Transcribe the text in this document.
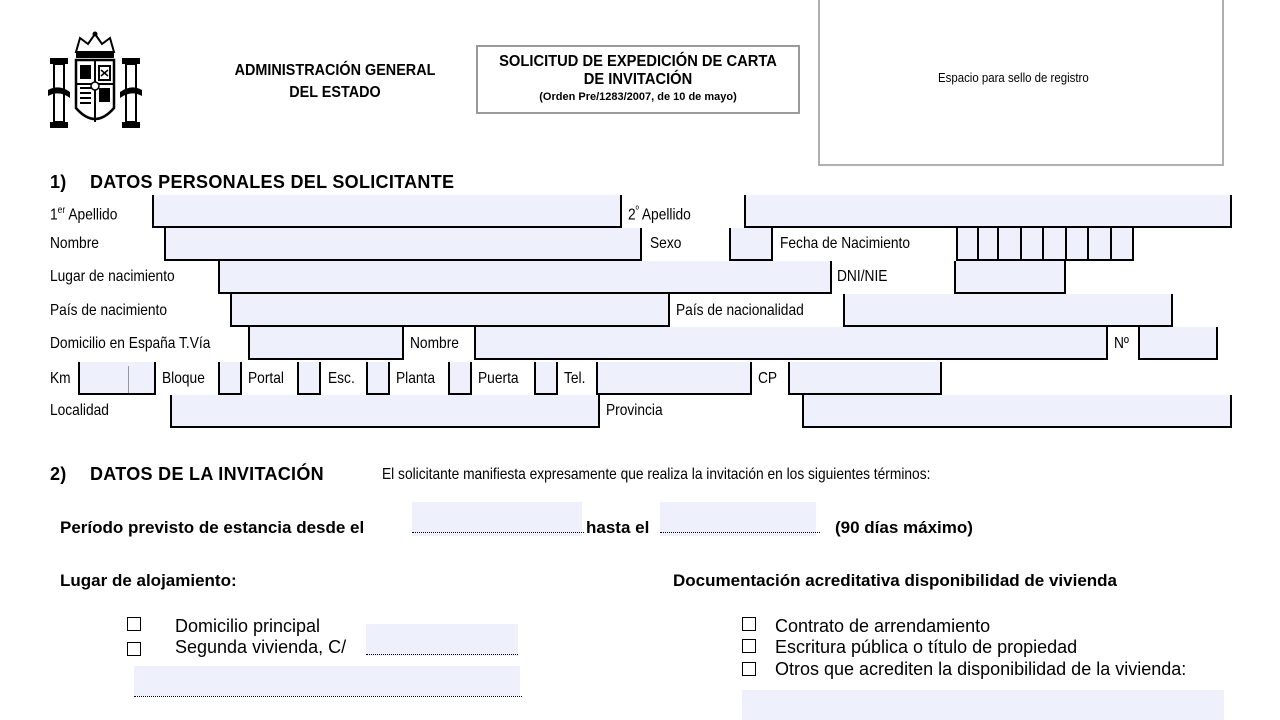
ADMINISTRACIÓN GENERAL
DEL ESTADO
SOLICITUD DE EXPEDICIÓN DE CARTA
DE INVITACIÓN
(Orden Pre/1283/2007, de 10 de mayo)
Espacio para sello de registro
1) DATOS PERSONALES DEL SOLICITANTE
1er Apellido	$2^º$ Apellido
Nombre	Sexo	Fecha de Nacimiento
Lugar de nacimiento	DNI/NIE
País de nacimiento	País de nacionalidad
Domicilio en España T.Vía	Nombre	Nº
Km	Bloque	Portal	Esc.	Planta	Puerta	Tel.	CP
Localidad	Provincia
2) DATOS DE LA INVITACIÓN	El solicitante manifiesta expresamente que realiza la invitación en los siguientes términos:
Período previsto de estancia desde el	hasta el	(90 días máximo)
Lugar de alojamiento:
Domicilio principal
Segunda vivienda, C/
Documentación acreditativa disponibilidad de vivienda
Contrato de arrendamiento
Escritura pública o título de propiedad
Otros que acrediten la disponibilidad de la vivienda:
